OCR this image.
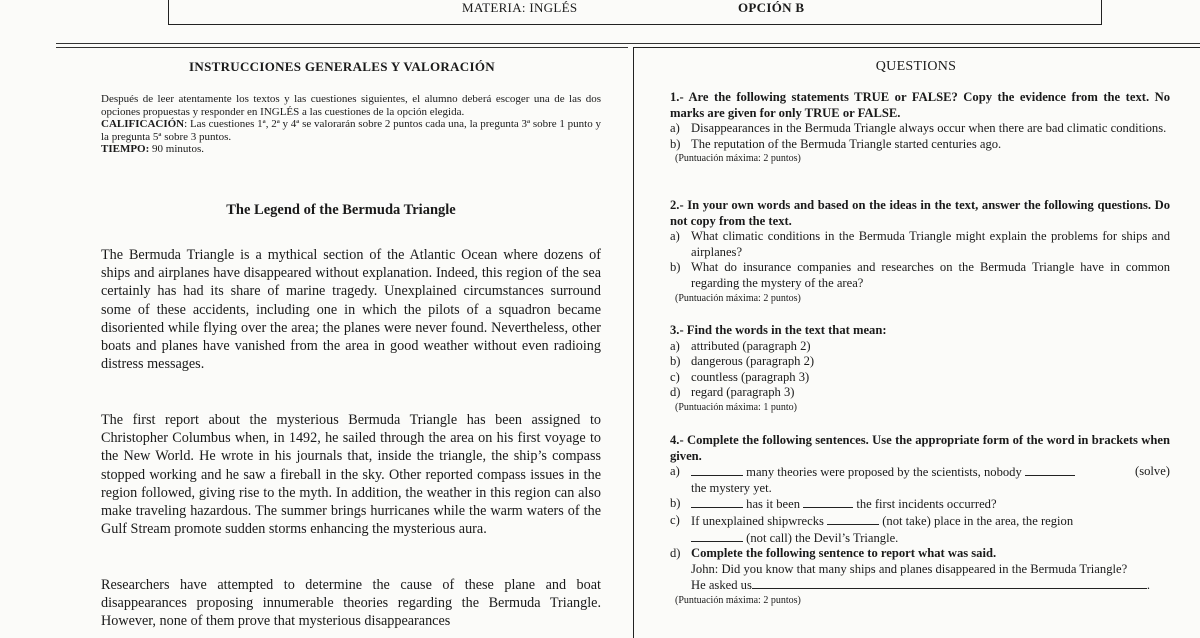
MATERIA: INGLÉS	OPCIÓN B
INSTRUCCIONES GENERALES Y VALORACIÓN

Después de leer atentamente los textos y las cuestiones siguientes, el alumno deberá escoger una de las dos opciones propuestas y responder en INGLÉS a las cuestiones de la opción elegida.

CALIFICACIÓN: Las cuestiones 1ª, 2ª y 4ª se valorarán sobre 2 puntos cada una, la pregunta 3ª sobre 1 punto y la pregunta 5ª sobre 3 puntos.

TIEMPO: 90 minutos.

The Legend of the Bermuda Triangle

The Bermuda Triangle is a mythical section of the Atlantic Ocean where dozens of ships and airplanes have disappeared without explanation. Indeed, this region of the sea certainly has had its share of marine tragedy. Unexplained circumstances surround some of these accidents, including one in which the pilots of a squadron became disoriented while flying over the area; the planes were never found. Nevertheless, other boats and planes have vanished from the area in good weather without even radioing distress messages.

The first report about the mysterious Bermuda Triangle has been assigned to Christopher Columbus when, in 1492, he sailed through the area on his first voyage to the New World. He wrote in his journals that, inside the triangle, the ship’s compass stopped working and he saw a fireball in the sky. Other reported compass issues in the region followed, giving rise to the myth. In addition, the weather in this region can also make traveling hazardous. The summer brings hurricanes while the warm waters of the Gulf Stream promote sudden storms enhancing the mysterious aura.

Researchers have attempted to determine the cause of these plane and boat disappearances proposing innumerable theories regarding the Bermuda Triangle. However, none of them prove that mysterious disappearances

QUESTIONS
1.- Are the following statements TRUE or FALSE? Copy the evidence from the text. No marks are given for only TRUE or FALSE.
a) Disappearances in the Bermuda Triangle always occur when there are bad climatic conditions.
b) The reputation of the Bermuda Triangle started centuries ago.
(Puntuación máxima: 2 puntos)
2.- In your own words and based on the ideas in the text, answer the following questions. Do not copy from the text.
a) What climatic conditions in the Bermuda Triangle might explain the problems for ships and airplanes?
b) What do insurance companies and researches on the Bermuda Triangle have in common regarding the mystery of the area?
(Puntuación máxima: 2 puntos)
3.- Find the words in the text that mean:
a) attributed (paragraph 2)
b) dangerous (paragraph 2)
c) countless (paragraph 3)
d) regard (paragraph 3)
(Puntuación máxima: 1 punto)
4.- Complete the following sentences. Use the appropriate form of the word in brackets when given.
a)	many theories were proposed by the scientists, nobody	(solve)

the mystery yet.
b)	has it been	the first incidents occurred?
c) If unexplained shipwrecks	(not take) place in the area, the region
(not call) the Devil’s Triangle.
d) Complete the following sentence to report what was said.
John: Did you know that many ships and planes disappeared in the Bermuda Triangle?
He asked us	.
(Puntuación máxima: 2 puntos)
